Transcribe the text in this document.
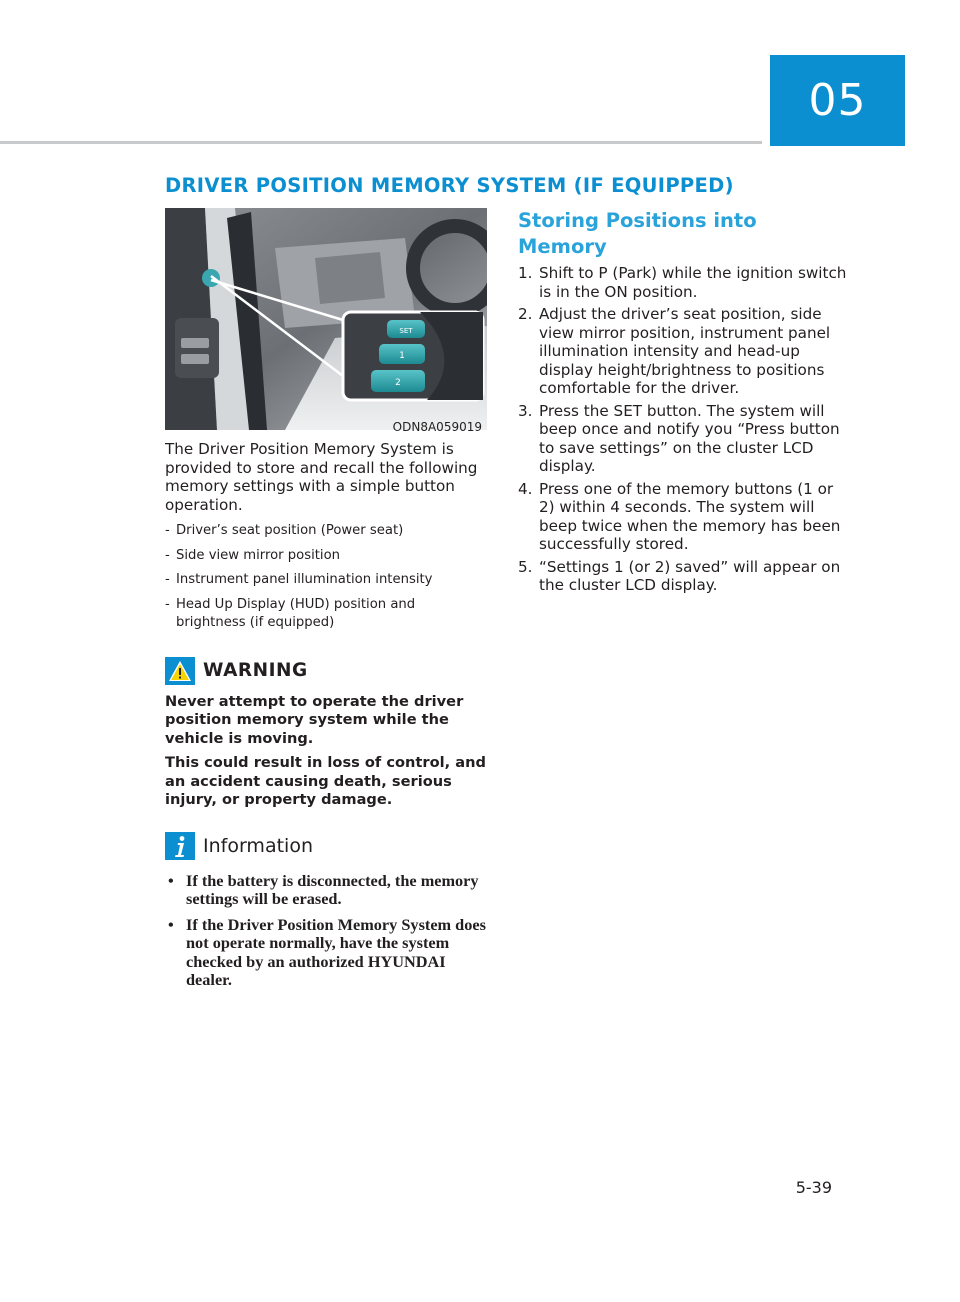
05
DRIVER POSITION MEMORY SYSTEM (IF EQUIPPED)
SET
1
2
ODN8A059019

The Driver Position Memory System is provided to store and recall the following memory settings with a simple button operation.

- Driver’s seat position (Power seat)
- Side view mirror position
- Instrument panel illumination intensity
- Head Up Display (HUD) position and brightness (if equipped)
WARNING

Never attempt to operate the driver position memory system while the vehicle is moving.

This could result in loss of control, and an accident causing death, serious injury, or property damage.

Information
• If the battery is disconnected, the memory settings will be erased.
• If the Driver Position Memory System does not operate normally, have the system checked by an authorized HYUNDAI dealer.
Storing Positions into Memory
1. Shift to P (Park) while the ignition switch is in the ON position.
2. Adjust the driver’s seat position, side view mirror position, instrument panel illumination intensity and head-up display height/brightness to positions comfortable for the driver.
3. Press the SET button. The system will beep once and notify you “Press button to save settings” on the cluster LCD display.
4. Press one of the memory buttons (1 or 2) within 4 seconds. The system will beep twice when the memory has been successfully stored.
5. “Settings 1 (or 2) saved” will appear on the cluster LCD display.
5-39
